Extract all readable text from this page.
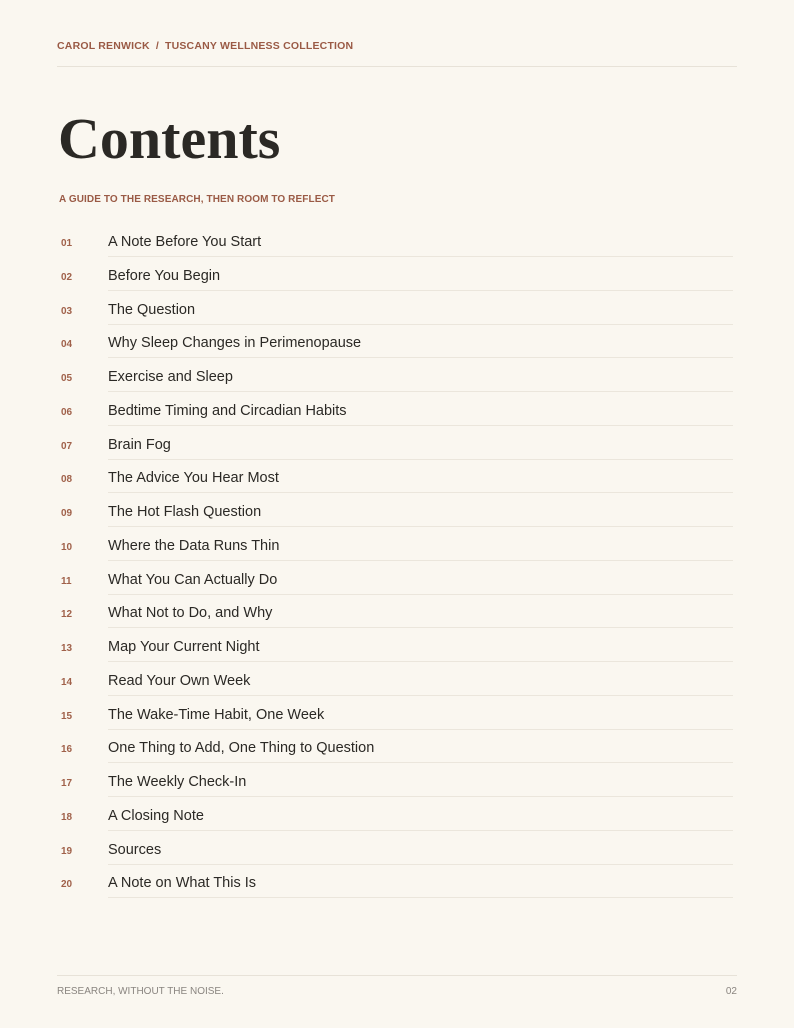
CAROL RENWICK / TUSCANY WELLNESS COLLECTION
Contents
A GUIDE TO THE RESEARCH, THEN ROOM TO REFLECT
01 A Note Before You Start
02 Before You Begin
03 The Question
04 Why Sleep Changes in Perimenopause
05 Exercise and Sleep
06 Bedtime Timing and Circadian Habits
07 Brain Fog
08 The Advice You Hear Most
09 The Hot Flash Question
10 Where the Data Runs Thin
11	What You Can Actually Do
12 What Not to Do, and Why
13 Map Your Current Night
14 Read Your Own Week
15 The Wake-Time Habit, One Week
16 One Thing to Add, One Thing to Question
17 The Weekly Check-In
18 A Closing Note
19 Sources
20 A Note on What This Is
RESEARCH, WITHOUT THE NOISE.	02
